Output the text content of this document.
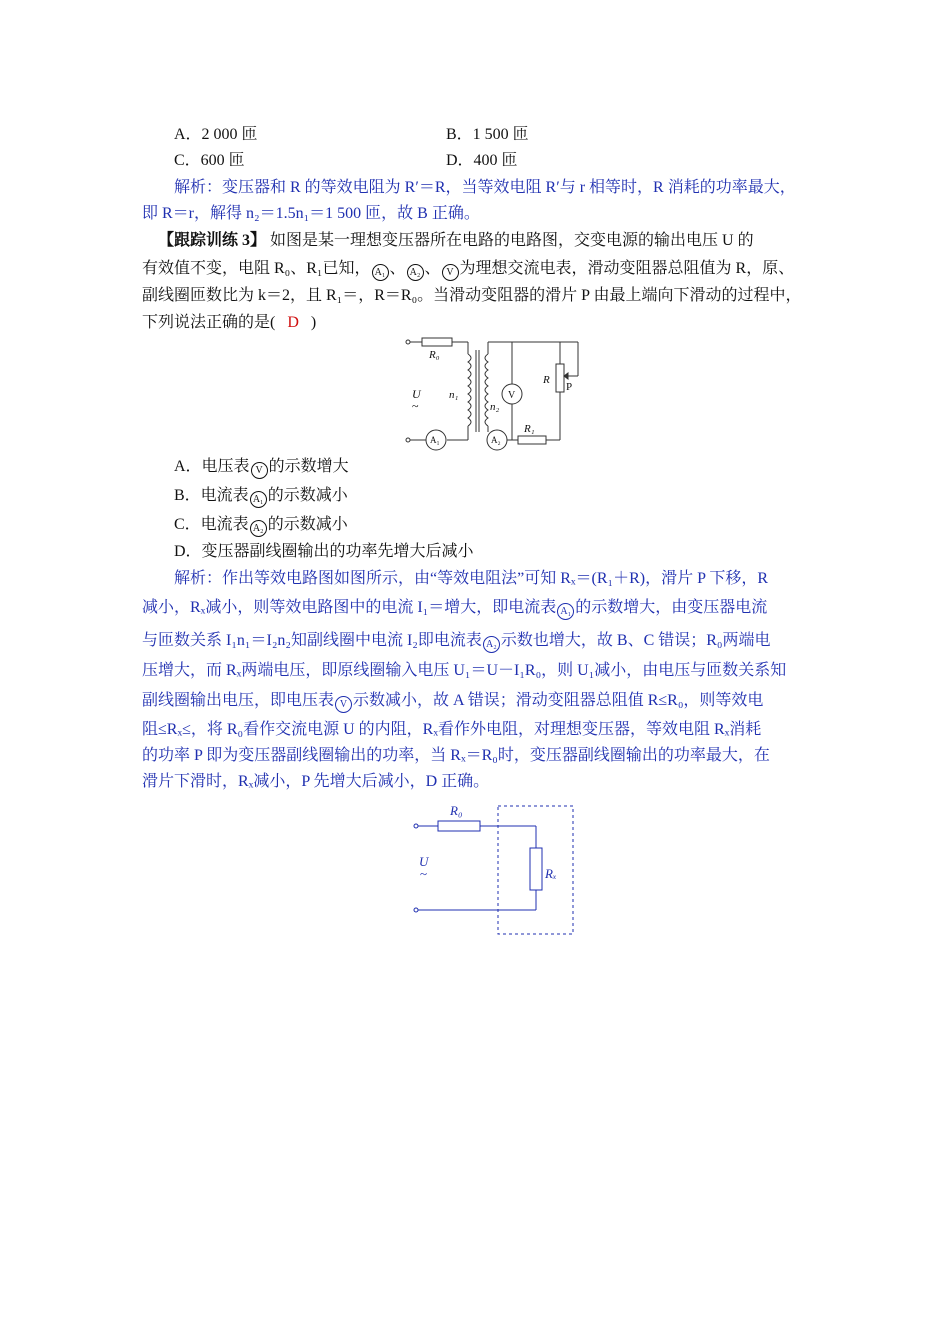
A．2 000 匝	B．1 500 匝
C．600 匝	D．400 匝
解析：变压器和 R 的等效电阻为 R′＝R，当等效电阻 R′与 r 相等时，R 消耗的功率最大，
即 R＝r，解得 n₂＝1.5n₁＝1 500 匝，故 B 正确。
【跟踪训练 3】 如图是某一理想变压器所在电路的电路图，交变电源的输出电压 U 的
有效值不变，电阻 R₀、R₁已知， A₁ 、 A₂ 、 V 为理想交流电表，滑动变阻器总阻值为 R，原、
副线圈匝数比为 k＝2，且 R₁＝，R＝R₀。当滑动变阻器的滑片 P 由最上端向下滑动的过程中，
下列说法正确的是( D )
R₀
U
~
n₁
n₂
V
R
P
R₁
A₁	A₂
A．电压表 V 的示数增大
B．电流表 A₁ 的示数减小
C．电流表 A₂ 的示数减小
D．变压器副线圈输出的功率先增大后减小
解析：作出等效电路图如图所示，由“等效电阻法”可知 Rₓ＝(R₁＋R)，滑片 P 下移，R
减小，Rₓ减小，则等效电路图中的电流 I₁＝增大，即电流表 A₁ 的示数增大，由变压器电流
与匝数关系 I₁n₁＝I₂n₂知副线圈中电流 I₂即电流表 A₂ 示数也增大，故 B、C 错误；R₀两端电
压增大，而 Rₓ两端电压，即原线圈输入电压 U₁＝U－I₁R₀，则 U₁减小，由电压与匝数关系知
副线圈输出电压，即电压表 V 示数减小，故 A 错误；滑动变阻器总阻值 R≤R₀，则等效电
阻≤Rₓ≤，将 R₀看作交流电源 U 的内阻，Rₓ看作外电阻，对理想变压器，等效电阻 Rₓ消耗
的功率 P 即为变压器副线圈输出的功率，当 Rₓ＝R₀时，变压器副线圈输出的功率最大，在
滑片下滑时，Rₓ减小，P 先增大后减小，D 正确。
R₀
U
~	Rₓ
